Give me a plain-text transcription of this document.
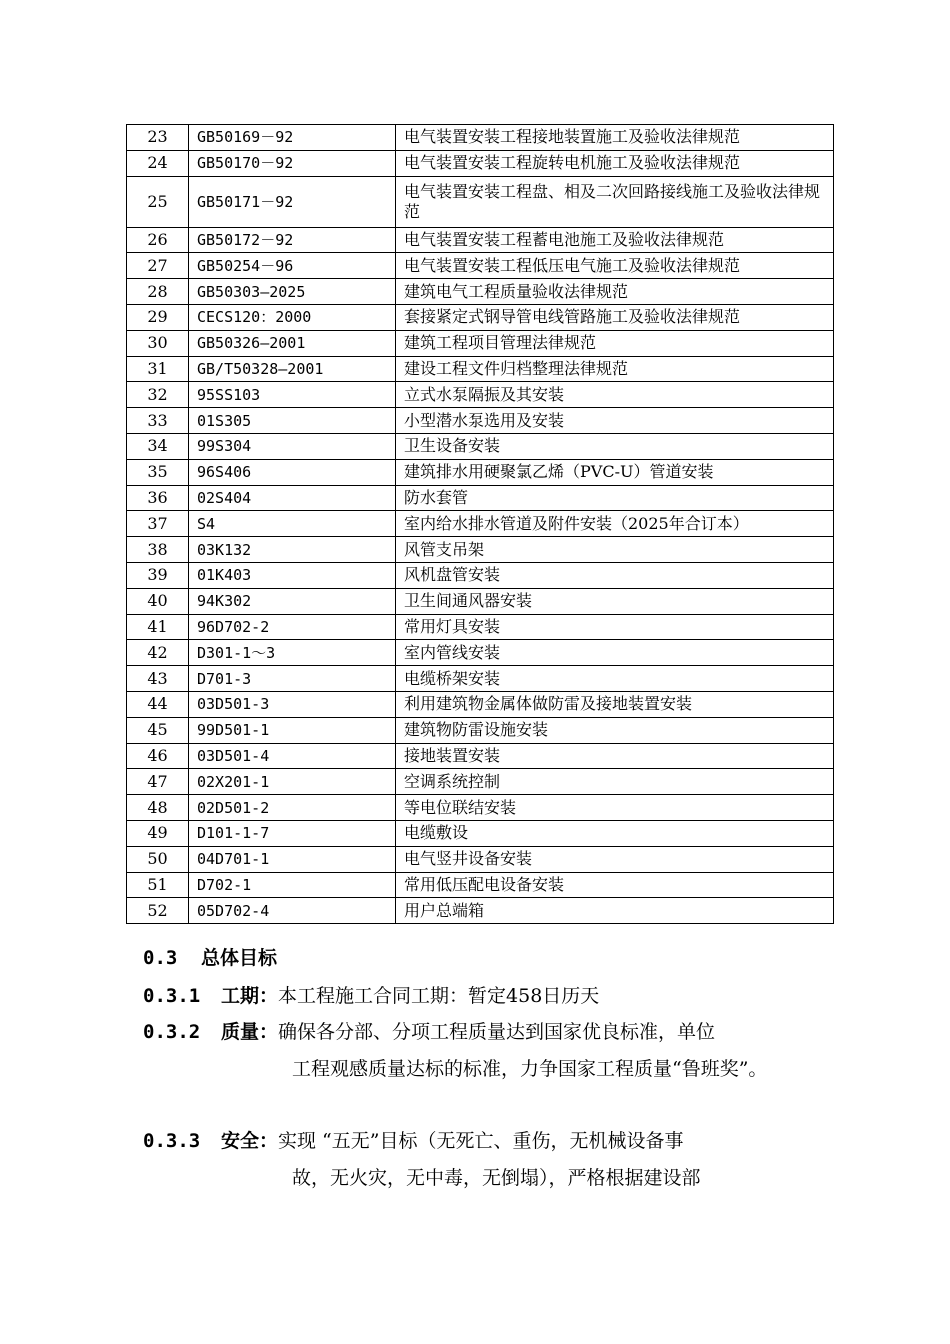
23	GB50169－92	电气装置安装工程接地装置施工及验收法律规范
24	GB50170－92	电气装置安装工程旋转电机施工及验收法律规范
25	GB50171－92	电气装置安装工程盘、相及二次回路接线施工及验收法律规范
26	GB50172－92	电气装置安装工程蓄电池施工及验收法律规范
27	GB50254－96	电气装置安装工程低压电气施工及验收法律规范
28	GB50303—2025	建筑电气工程质量验收法律规范
29	CECS120：2000	套接紧定式钢导管电线管路施工及验收法律规范
30	GB50326—2001	建筑工程项目管理法律规范
31	GB/T50328—2001	建设工程文件归档整理法律规范
32	95SS103	立式水泵隔振及其安装
33	01S305	小型潜水泵选用及安装
34	99S304	卫生设备安装
35	96S406	建筑排水用硬聚氯乙烯（PVC-U）管道安装
36	02S404	防水套管
37	S4	室内给水排水管道及附件安装（2025年合订本）
38	03K132	风管支吊架
39	01K403	风机盘管安装
40	94K302	卫生间通风器安装
41	96D702-2	常用灯具安装
42	D301-1～3	室内管线安装
43	D701-3	电缆桥架安装
44	03D501-3	利用建筑物金属体做防雷及接地装置安装
45	99D501-1	建筑物防雷设施安装
46	03D501-4	接地装置安装
47	02X201-1	空调系统控制
48	02D501-2	等电位联结安装
49	D101-1-7	电缆敷设
50	04D701-1	电气竖井设备安装
51	D702-1	常用低压配电设备安装
52	05D702-4	用户总端箱
0.3 总体目标
0.3.1 工期：本工程施工合同工期：暂定458日历天
0.3.2 质量：确保各分部、分项工程质量达到国家优良标准，单位
工程观感质量达标的标准，力争国家工程质量“鲁班奖”。
0.3.3 安全：实现 “五无”目标（无死亡、重伤，无机械设备事
故，无火灾，无中毒，无倒塌），严格根据建设部
